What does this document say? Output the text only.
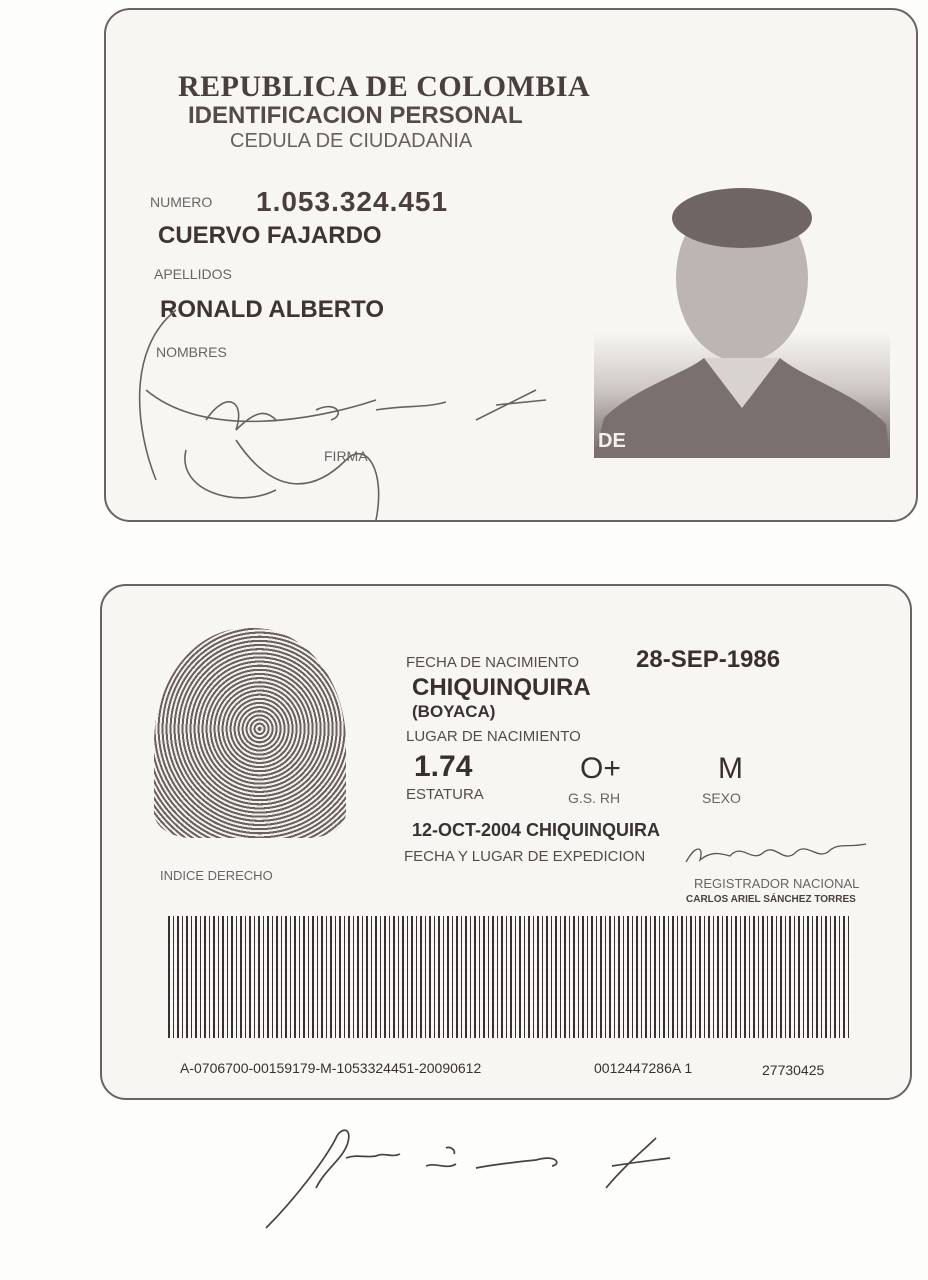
REPUBLICA DE COLOMBIA
IDENTIFICACION PERSONAL
CEDULA DE CIUDADANIA
NUMERO 1.053.324.451
CUERVO FAJARDO
APELLIDOS
RONALD ALBERTO
NOMBRES
FIRMA
DE
INDICE DERECHO
FECHA DE NACIMIENTO 28-SEP-1986
CHIQUINQUIRA
(BOYACA)
LUGAR DE NACIMIENTO
1.74	O+	M
ESTATURA	G.S. RH	SEXO
12-OCT-2004 CHIQUINQUIRA
FECHA Y LUGAR DE EXPEDICION
REGISTRADOR NACIONAL
CARLOS ARIEL SÁNCHEZ TORRES
A-0706700-00159179-M-1053324451-20090612	0012447286A 1	27730425
